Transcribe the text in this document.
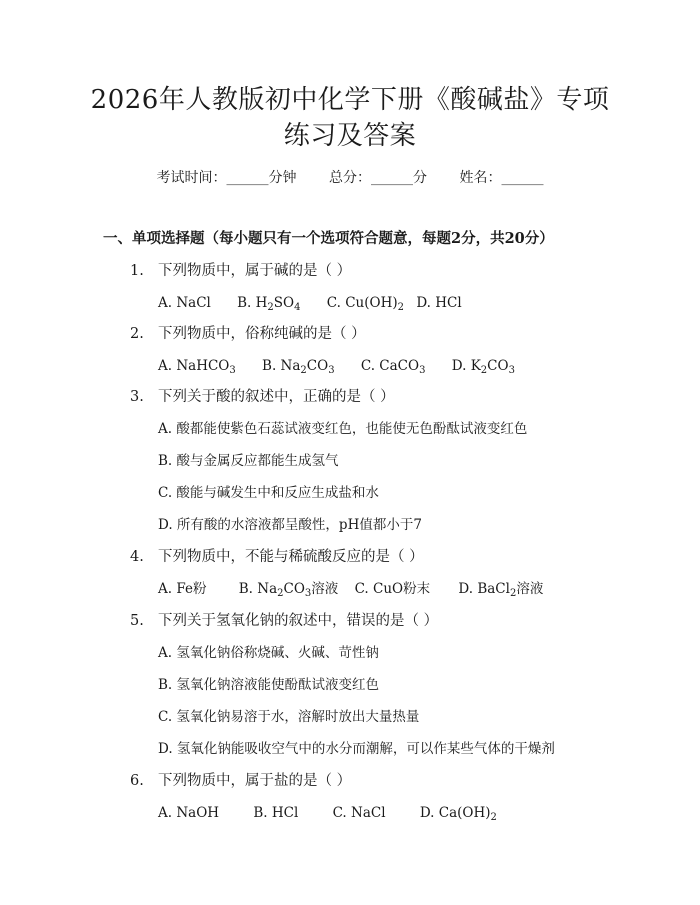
2026年人教版初中化学下册《酸碱盐》专项
练习及答案
考试时间：______分钟 总分：______分 姓名：______
一、单项选择题（每小题只有一个选项符合题意，每题2分，共20分）
1. 下列物质中，属于碱的是（ ）
A. NaCl B. $H_2SO_4$ C. $Cu(OH)_2$ D. HCl
2. 下列物质中，俗称纯碱的是（ ）
A. NaHCO$_3$ B. $Na_2CO_3$ C. CaCO$_3$ D. $K_2CO_3$
3. 下列关于酸的叙述中，正确的是（ ）
A. 酸都能使紫色石蕊试液变红色，也能使无色酚酞试液变红色
B. 酸与金属反应都能生成氢气
C. 酸能与碱发生中和反应生成盐和水
D. 所有酸的水溶液都呈酸性，pH值都小于7
4. 下列物质中，不能与稀硫酸反应的是（ ）
A. Fe粉 B. $Na_2CO_3$溶液 C. CuO粉末 D. BaCl$_2$溶液
5. 下列关于氢氧化钠的叙述中，错误的是（ ）
A. 氢氧化钠俗称烧碱、火碱、苛性钠
B. 氢氧化钠溶液能使酚酞试液变红色
C. 氢氧化钠易溶于水，溶解时放出大量热量
D. 氢氧化钠能吸收空气中的水分而潮解，可以作某些气体的干燥剂
6. 下列物质中，属于盐的是（ ）
A. NaOH	B. HCl	C. NaCl	D. $Ca(OH)_2$
